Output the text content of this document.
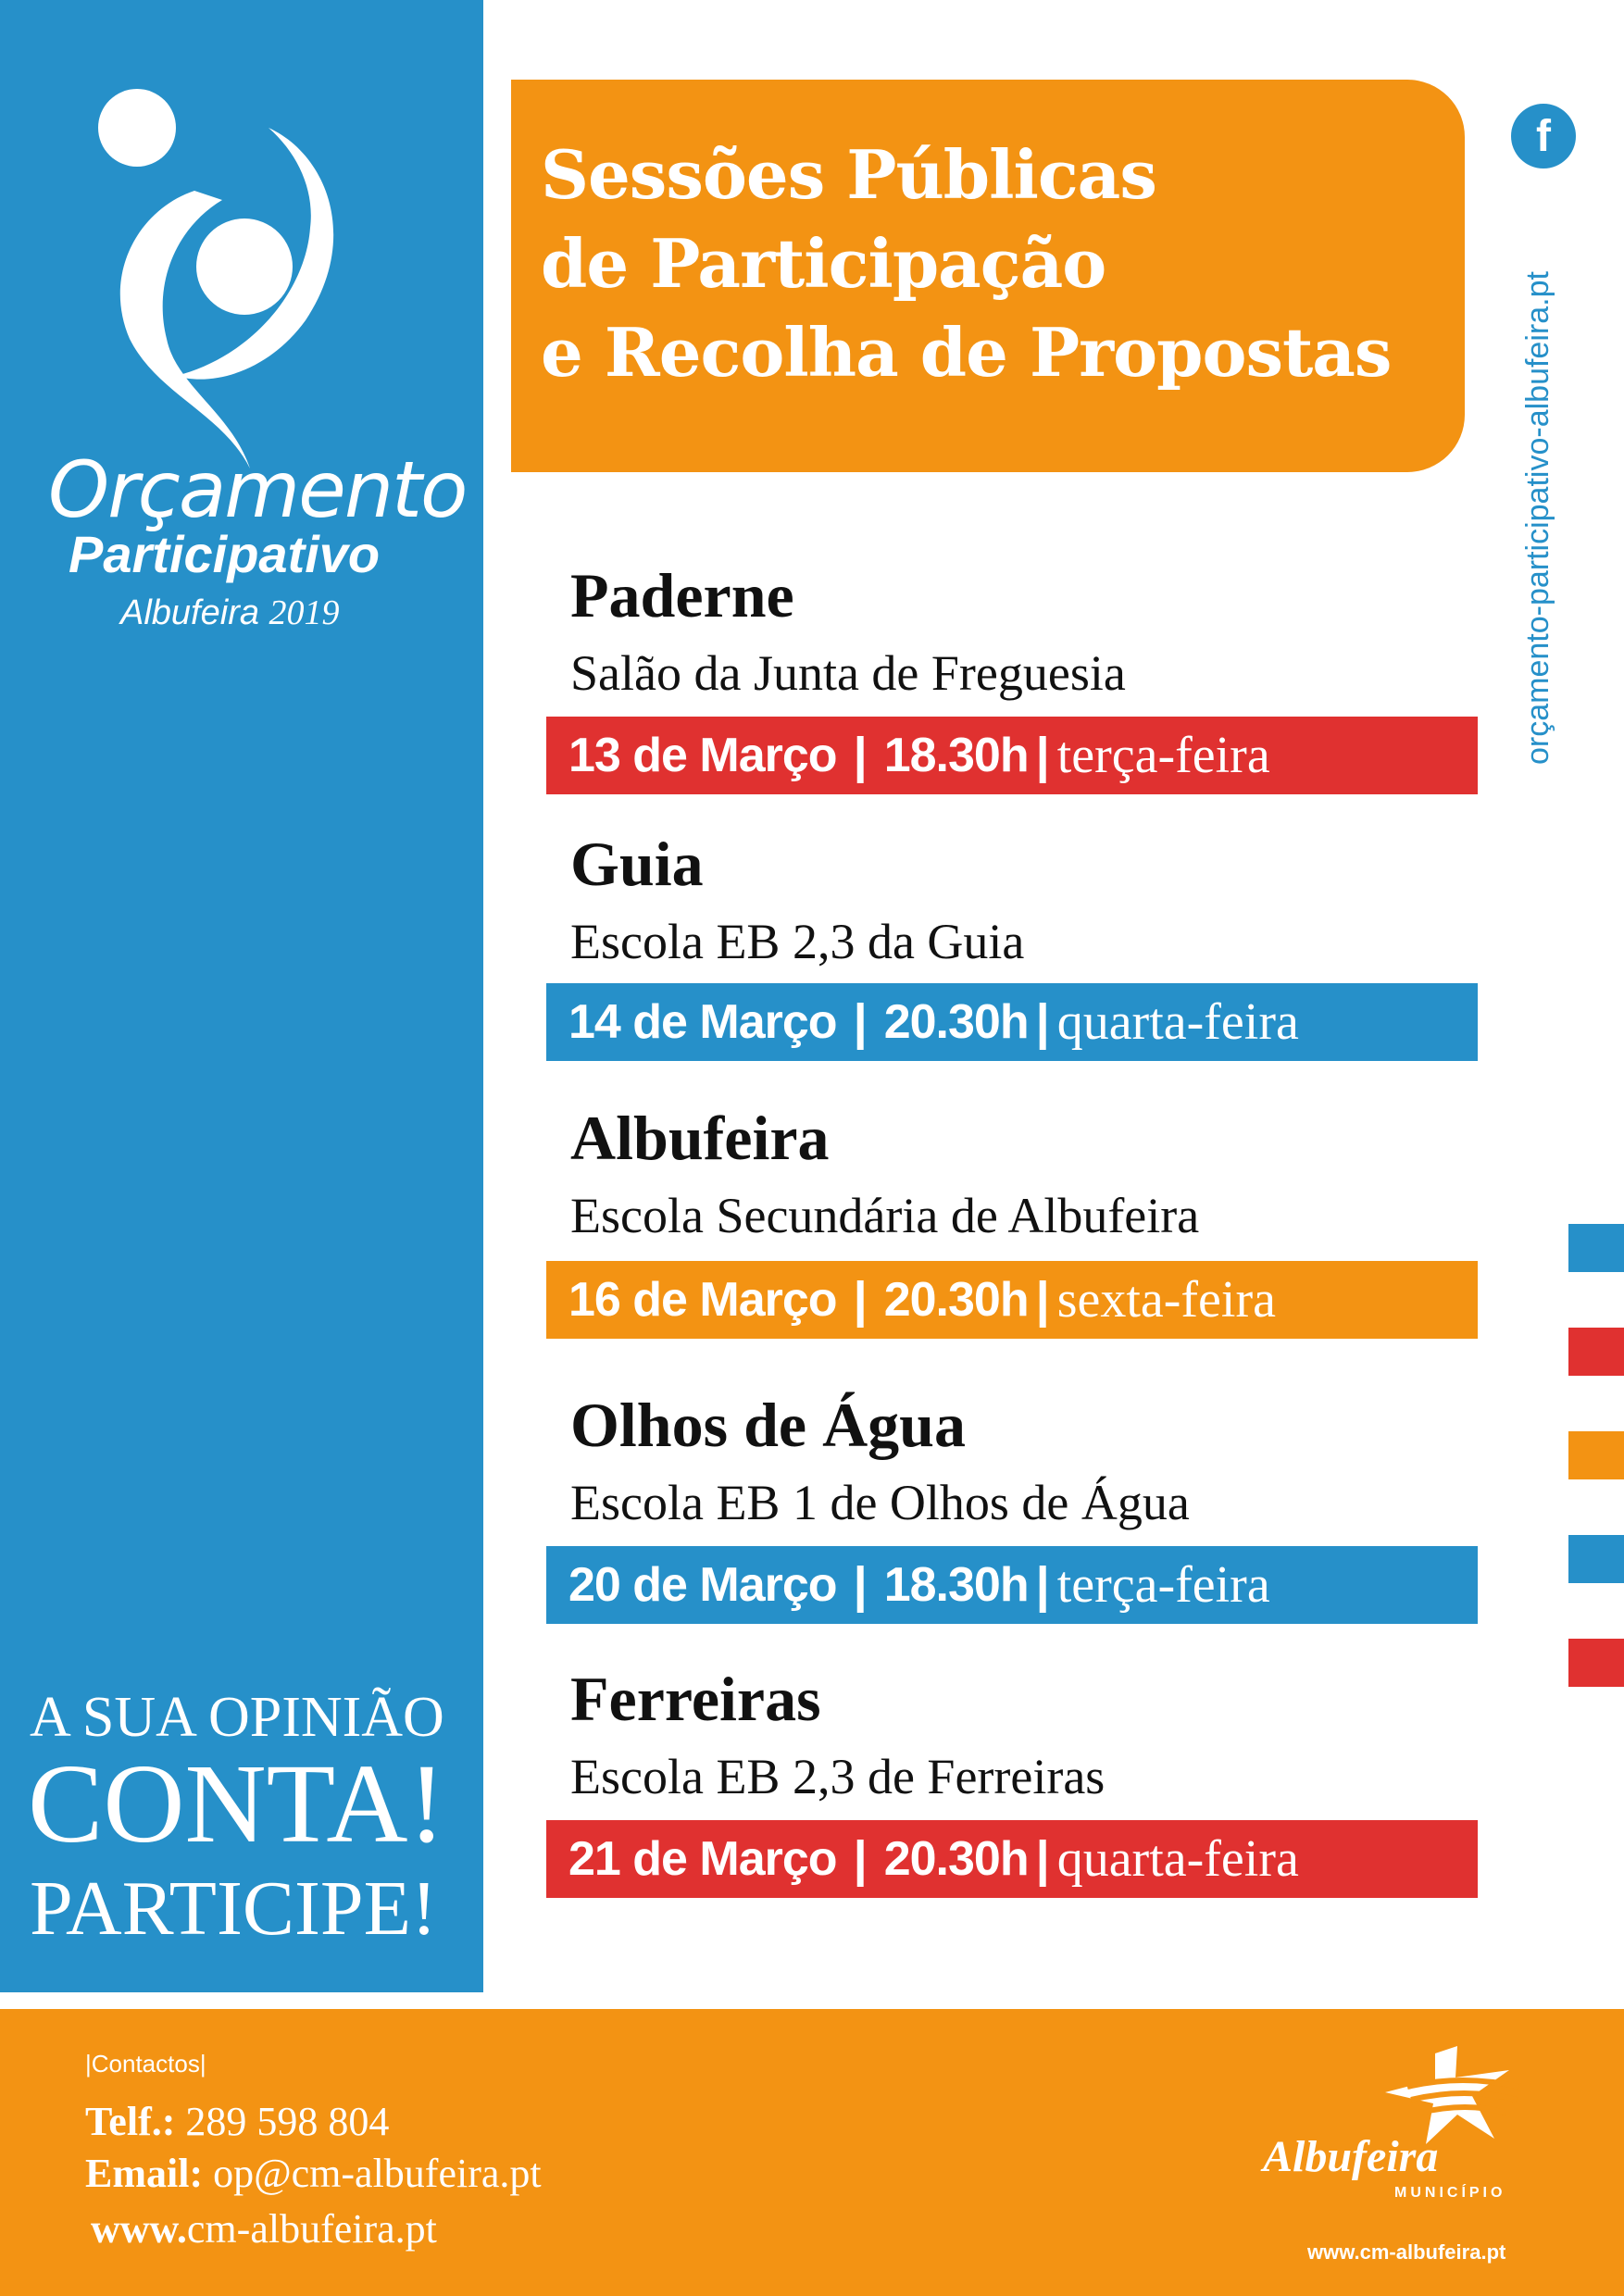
Orçamento
Participativo
Albufeira 2019
A SUA OPINIÃO
CONTA!
PARTICIPE!
Sessões Públicas
de Participação
e Recolha de Propostas
f
orçamento-participativo-albufeira.pt
Paderne
Salão da Junta de Freguesia
13 de Março | 18.30h | terça-feira
Guia
Escola EB 2,3 da Guia
14 de Março | 20.30h | quarta-feira
Albufeira
Escola Secundária de Albufeira
16 de Março | 20.30h | sexta-feira
Olhos de Água
Escola EB 1 de Olhos de Água
20 de Março | 18.30h | terça-feira
Ferreiras
Escola EB 2,3 de Ferreiras
21 de Março | 20.30h | quarta-feira
|Contactos|
Telf.: 289 598 804
Email: op@cm-albufeira.pt
www.cm-albufeira.pt
Albufeira
MUNICÍPIO
www.cm-albufeira.pt
